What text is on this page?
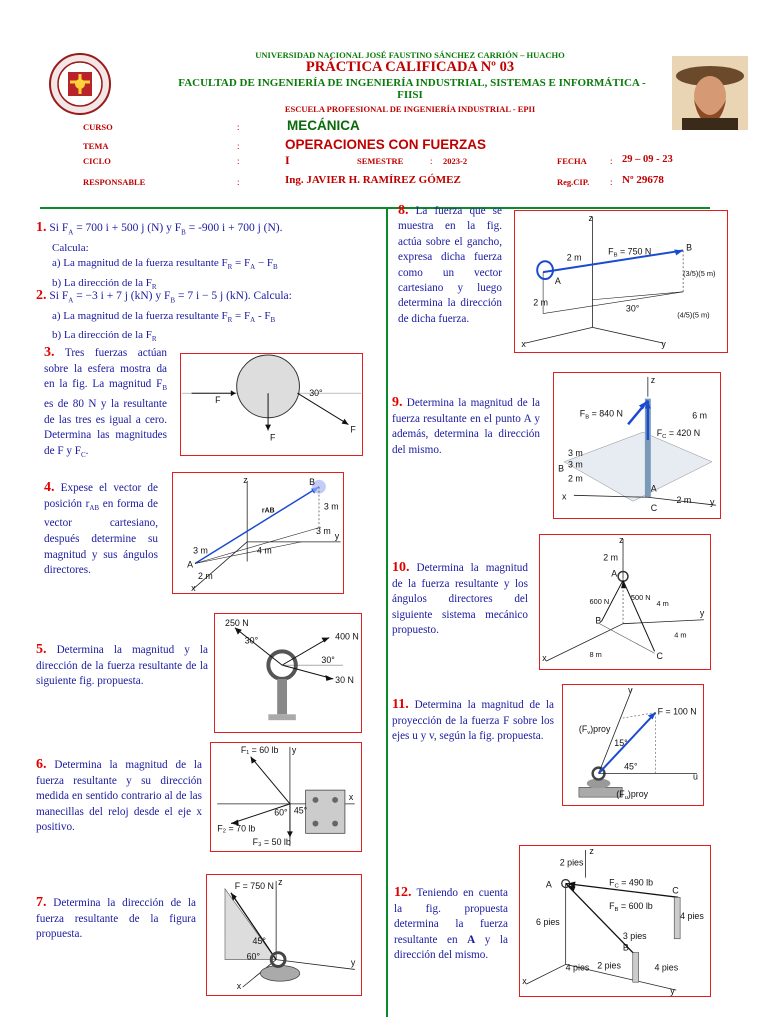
UNIVERSIDAD NACIONAL JOSÉ FAUSTINO SÁNCHEZ CARRIÓN – HUACHO
PRÁCTICA CALIFICADA Nº 03
FACULTAD DE INGENIERÍA DE INGENIERÍA INDUSTRIAL, SISTEMAS E INFORMÁTICA -
FIISI
ESCUELA PROFESIONAL DE INGENIERÍA INDUSTRIAL - EPII
CURSO	:	MECÁNICA
TEMA	:	OPERACIONES CON FUERZAS
CICLO	:	I	SEMESTRE	: 2023-2	FECHA	: 29 – 09 - 23
RESPONSABLE	:	Ing. JAVIER H. RAMÍREZ GÓMEZ	Reg.CIP. : Nº 29678
1. Si $F_A = 700$ i + 500 j (N) y $F_B = -900$ i + 700 j (N).
Calcula:
a) La magnitud de la fuerza resultante $F_R = F_A - F_B$
b) La dirección de la $F_R$
2. Si $F_A = -3$ i + 7 j (kN) y $F_B = 7$ i − 5 j (kN). Calcula:
a) La magnitud de la fuerza resultante $F_R = F_A - F_B$
b) La dirección de la $F_R$
3. Tres fuerzas actúan sobre la esfera mostra da en la fig. La magnitud $F_B$ es de 80 N y la resultante de las tres es igual a cero. Determina las magnitudes de F y $F_C$.
30°
F
F
F
4. Expese el vector de posición $r_{AB}$ en forma de vector cartesiano, después determine su magnitud y sus ángulos directores.
z	B
rAB	3 m
3 m
4 m
3 m
2 m
A
x
y
5. Determina la magnitud y la dirección de la fuerza resultante de la siguiente fig. propuesta.
250 N
400 N
30 N
30°
30°
6. Determina la magnitud de la fuerza resultante y su dirección medida en sentido contrario al de las manecillas del reloj desde el eje x positivo.
F₁ = 60 lb
F₂ = 70 lb
F₃ = 50 lb
60° 45°
y
x
7. Determina la dirección de la fuerza resultante de la figura propuesta.
F = 750 N
45°
60°
z
x
y
8. La fuerza que se muestra en la fig. actúa sobre el gancho, expresa dicha fuerza como un vector cartesiano y luego determina la dirección de dicha fuerza.
z
$F_B = 750$ N	B
A
2 m
2 m
(3/5)(5 m)
(4/5)(5 m)
30°
x	y
9. Determina la magnitud de la fuerza resultante en el punto A y además, determina la dirección del mismo.
z
$F_B = 840$ N
$F_C = 420$ N
6 m
3 m
3 m
2 m
2 m
B
C
A
x
y
10. Determina la magnitud de la fuerza resultante y los ángulos directores del siguiente sistema mecánico propuesto.
2 m
A
600 N	500 N
4 m
4 m
8 m
B
C
z
x
y
11. Determina la magnitud de la proyección de la fuerza F sobre los ejes u y v, según la fig. propuesta.
F = 100 N
$(F_v)proy$
$(F_u)proy$
15°
45°
v
u
12. Teniendo en cuenta la fig. propuesta determina la fuerza resultante en A y la dirección del mismo.
2 pies
$F_C = 490$ lb
$F_B = 600$ lb
6 pies
4 pies
3 pies
4 pies 2 pies	4 pies
A
B
C
z
x
y
